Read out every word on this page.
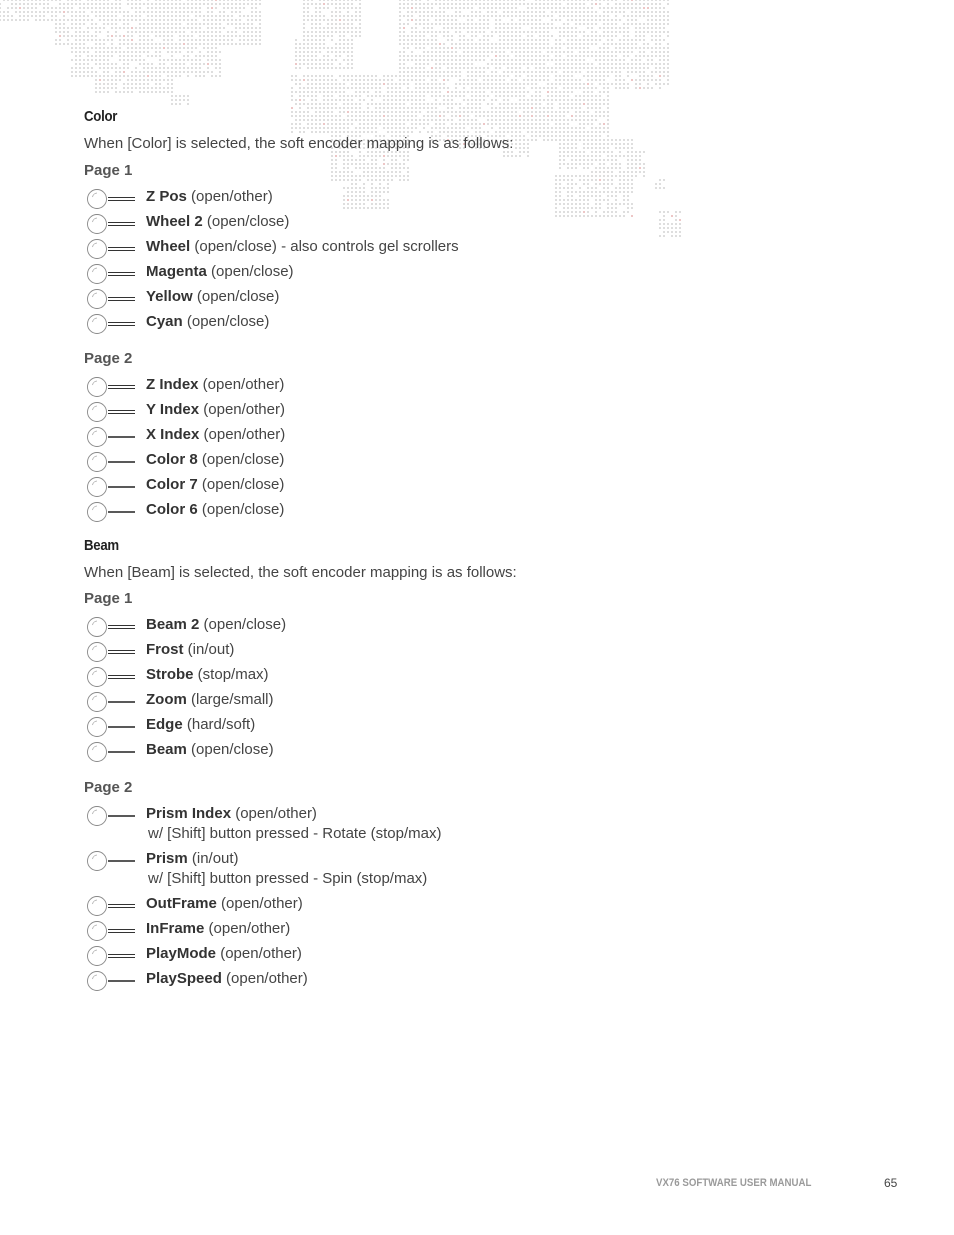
Color

When [Color] is selected, the soft encoder mapping is as follows:

Page 1
Z Pos (open/other)
Wheel 2 (open/close)
Wheel (open/close) - also controls gel scrollers
Magenta (open/close)
Yellow (open/close)
Cyan (open/close)
Page 2
Z Index (open/other)
Y Index (open/other)
X Index (open/other)
Color 8 (open/close)
Color 7 (open/close)
Color 6 (open/close)
Beam

When [Beam] is selected, the soft encoder mapping is as follows:

Page 1
Beam 2 (open/close)
Frost (in/out)
Strobe (stop/max)
Zoom (large/small)
Edge (hard/soft)
Beam (open/close)
Page 2
Prism Index (open/other)
w/ [Shift] button pressed - Rotate (stop/max)
Prism (in/out)
w/ [Shift] button pressed - Spin (stop/max)
OutFrame (open/other)
InFrame (open/other)
PlayMode (open/other)
PlaySpeed (open/other)

VX76 SOFTWARE USER MANUAL	65
